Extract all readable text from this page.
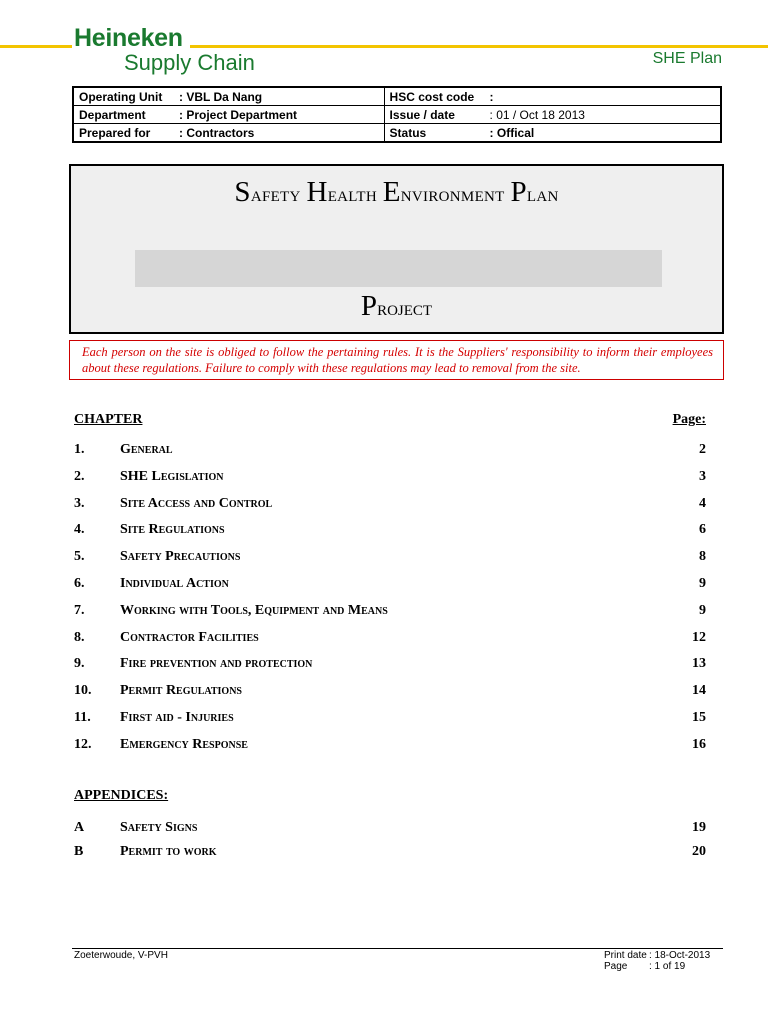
Heineken
Supply Chain	SHE Plan
Operating Unit : VBL Da Nang	HSC cost code :
Department : Project Department	Issue / date : 01 / Oct 18 2013
Prepared for : Contractors	Status : Offical
Safety Health Environment Plan
Project
Each person on the site is obliged to follow the pertaining rules. It is the Suppliers' responsibility to inform their employees about these regulations. Failure to comply with these regulations may lead to removal from the site.
CHAPTER	Page:
1.	General	2
2.	SHE Legislation	3
3.	Site Access and Control	4
4.	Site Regulations	6
5.	Safety Precautions	8
6.	Individual Action	9
7.	Working with Tools, Equipment and Means	9
8.	Contractor Facilities	12
9.	Fire prevention and protection	13
10. Permit Regulations	14
11. First aid - Injuries	15
12. Emergency Response	16
APPENDICES:
A	Safety Signs	19
B	Permit to work	20
Zoeterwoude, V-PVH	Print date : 18-Oct-2013
Page : 1 of 19
